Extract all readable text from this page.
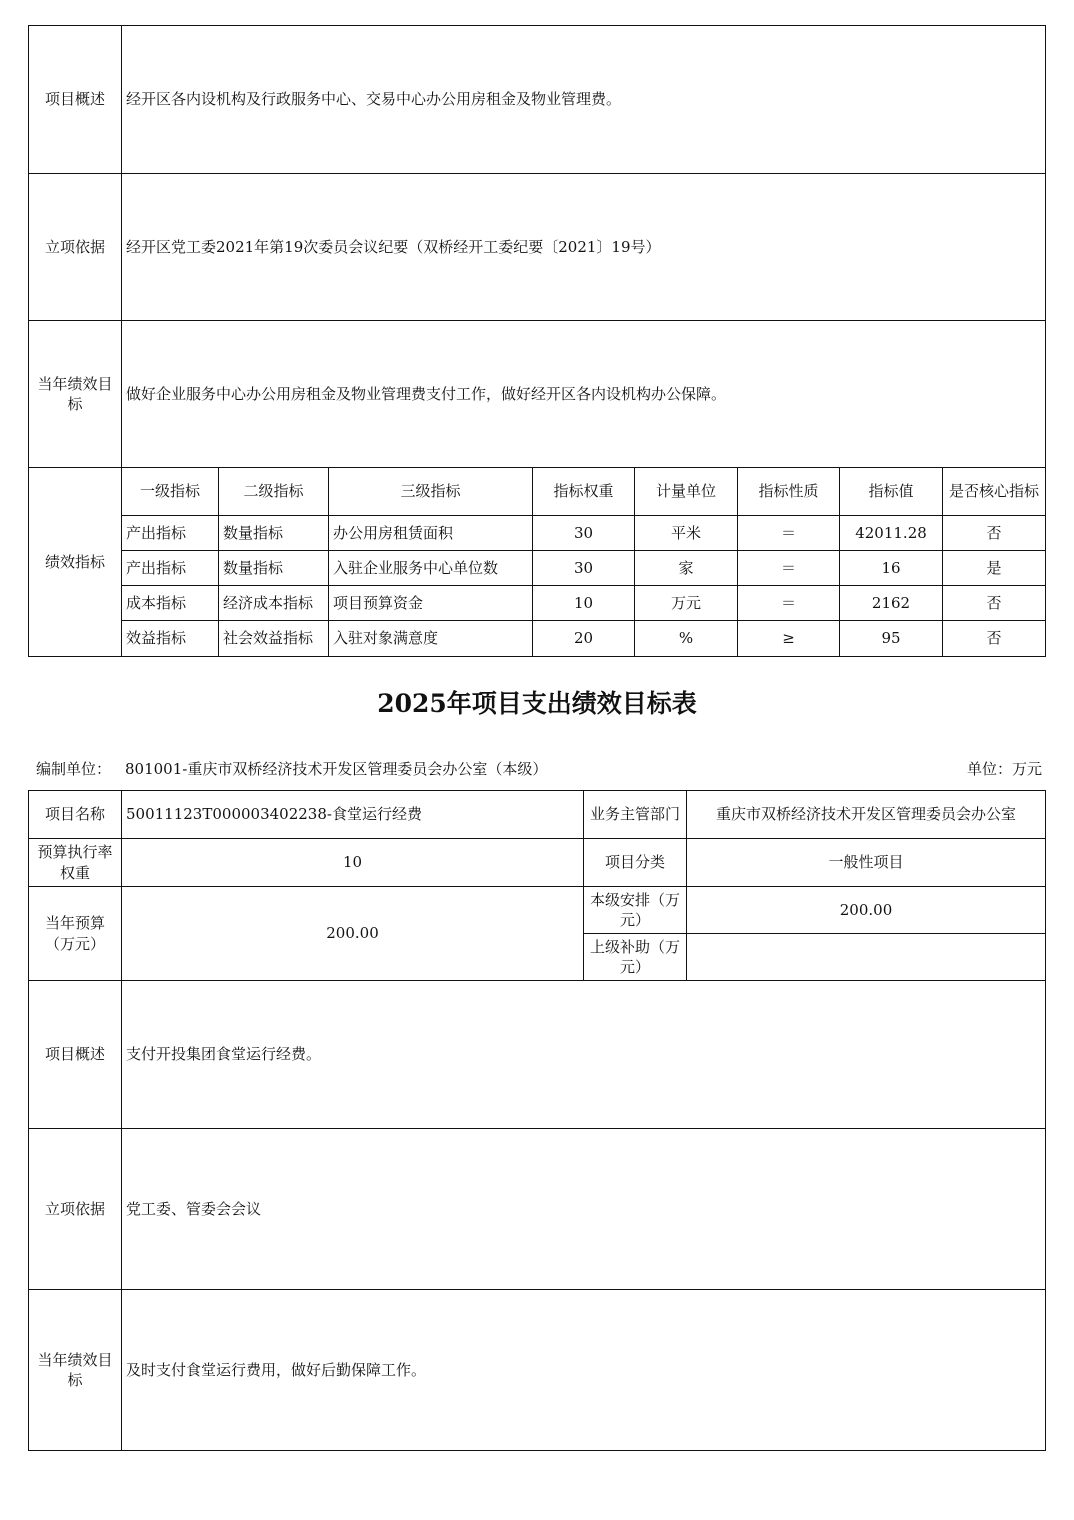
项目概述	经开区各内设机构及行政服务中心、交易中心办公用房租金及物业管理费。							
立项依据	经开区党工委2021年第19次委员会议纪要（双桥经开工委纪要〔2021〕19号）							
当年绩效目标	做好企业服务中心办公用房租金及物业管理费支付工作，做好经开区各内设机构办公保障。							
绩效指标	一级指标	二级指标	三级指标	指标权重	计量单位	指标性质	指标值	是否核心指标
	产出指标	数量指标	办公用房租赁面积	30	平米	＝	42011.28	否
	产出指标	数量指标	入驻企业服务中心单位数	30	家	＝	16	是
	成本指标	经济成本指标	项目预算资金	10	万元	＝	2162	否
	效益指标	社会效益指标	入驻对象满意度	20	%	≥	95	否
2025年项目支出绩效目标表
编制单位： 801001-重庆市双桥经济技术开发区管理委员会办公室（本级）	单位：万元
项目名称	50011123T000003402238-食堂运行经费	业务主管部门	重庆市双桥经济技术开发区管理委员会办公室
预算执行率权重	10	项目分类	一般性项目
当年预算（万元）	200.00	本级安排（万元）	200.00
		上级补助（万元）	
项目概述	支付开投集团食堂运行经费。		
立项依据	党工委、管委会会议		
当年绩效目标	及时支付食堂运行费用，做好后勤保障工作。		
